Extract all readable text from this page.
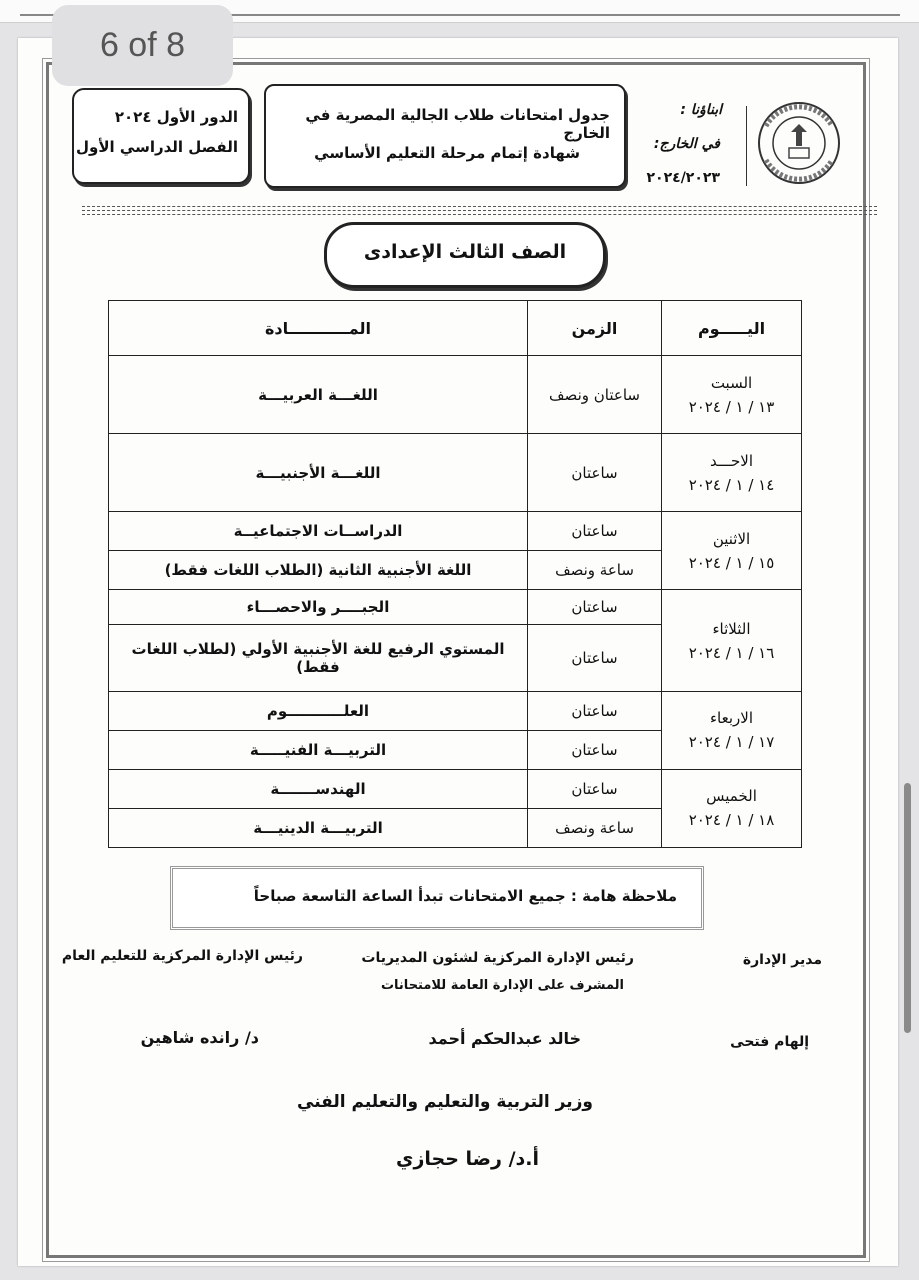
الدور الأول ٢٠٢٤
الفصل الدراسي الأول
جدول امتحانات طلاب الجالية المصرية في الخارج
شهادة إتمام مرحلة التعليم الأساسي
ابناؤنا :
في الخارج:
٢٠٢٤/٢٠٢٣
الصف الثالث الإعدادى
6 of 8
اليـــــوم	الزمن	المـــــــــــادة

السبت
١٣ / ١ / ٢٠٢٤	ساعتان ونصف	اللغـــة العربيـــة

الاحـــد
١٤ / ١ / ٢٠٢٤	ساعتان	اللغـــة الأجنبيـــة

الاثنين
١٥ / ١ / ٢٠٢٤	ساعتان	الدراســات الاجتماعيــة
	ساعة ونصف	اللغة الأجنبية الثانية (الطلاب اللغات فقط)

الثلاثاء
١٦ / ١ / ٢٠٢٤	ساعتان	الجبــــر والاحصـــاء
	ساعتان	المستوي الرفيع للغة الأجنبية الأولي (لطلاب اللغات فقط)

الاربعاء
١٧ / ١ / ٢٠٢٤	ساعتان	العلـــــــــــوم
	ساعتان	التربيـــة الفنيـــــة

الخميس
١٨ / ١ / ٢٠٢٤	ساعتان	الهندســـــــة
	ساعة ونصف	التربيـــة الدينيـــة
ملاحظة هامة : جميع الامتحانات تبدأ الساعة التاسعة صباحاً
مدير الإدارة
إلهام فتحى
رئيس الإدارة المركزية لشئون المديريات
المشرف على الإدارة العامة للامتحانات
خالد عبدالحكم أحمد
رئيس الإدارة المركزية للتعليم العام
د/ رانده شاهين
وزير التربية والتعليم والتعليم الفني
أ.د/ رضا حجازي
